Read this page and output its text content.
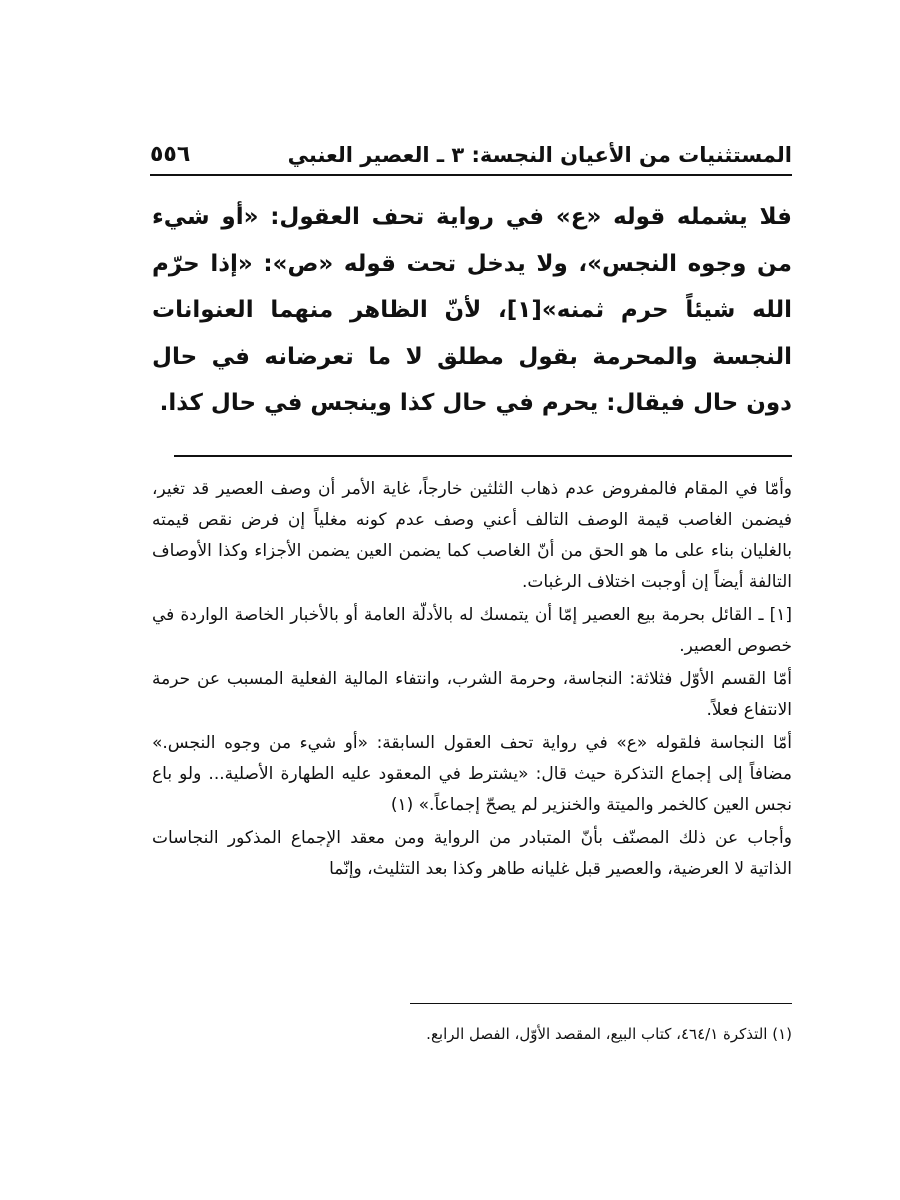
٥٥٦	المستثنيات من الأعيان النجسة: ٣ ـ العصير العنبي

فلا يشمله قوله «ع» في رواية تحف العقول: «أو شيء من وجوه النجس»، ولا يدخل تحت قوله «ص»: «إذا حرّم الله شيئاً حرم ثمنه»[١]، لأنّ الظاهر منهما العنوانات النجسة والمحرمة بقول مطلق لا ما تعرضانه في حال دون حال فيقال: يحرم في حال كذا وينجس في حال كذا.

وأمّا في المقام فالمفروض عدم ذهاب الثلثين خارجاً، غاية الأمر أن وصف العصير قد تغير، فيضمن الغاصب قيمة الوصف التالف أعني وصف عدم كونه مغلياً إن فرض نقص قيمته بالغليان بناء على ما هو الحق من أنّ الغاصب كما يضمن العين يضمن الأجزاء وكذا الأوصاف التالفة أيضاً إن أوجبت اختلاف الرغبات.

[١] ـ القائل بحرمة بيع العصير إمّا أن يتمسك له بالأدلّة العامة أو بالأخبار الخاصة الواردة في خصوص العصير.

أمّا القسم الأوّل فثلاثة: النجاسة، وحرمة الشرب، وانتفاء المالية الفعلية المسبب عن حرمة الانتفاع فعلاً.

أمّا النجاسة فلقوله «ع» في رواية تحف العقول السابقة: «أو شيء من وجوه النجس.» مضافاً إلى إجماع التذكرة حيث قال: «يشترط في المعقود عليه الطهارة الأصلية... ولو باع نجس العين كالخمر والميتة والخنزير لم يصحّ إجماعاً.» (١)

وأجاب عن ذلك المصنّف بأنّ المتبادر من الرواية ومن معقد الإجماع المذكور النجاسات الذاتية لا العرضية، والعصير قبل غليانه طاهر وكذا بعد التثليث، وإنّما

(١) التذكرة ٤٦٤/١، كتاب البيع، المقصد الأوّل، الفصل الرابع.
